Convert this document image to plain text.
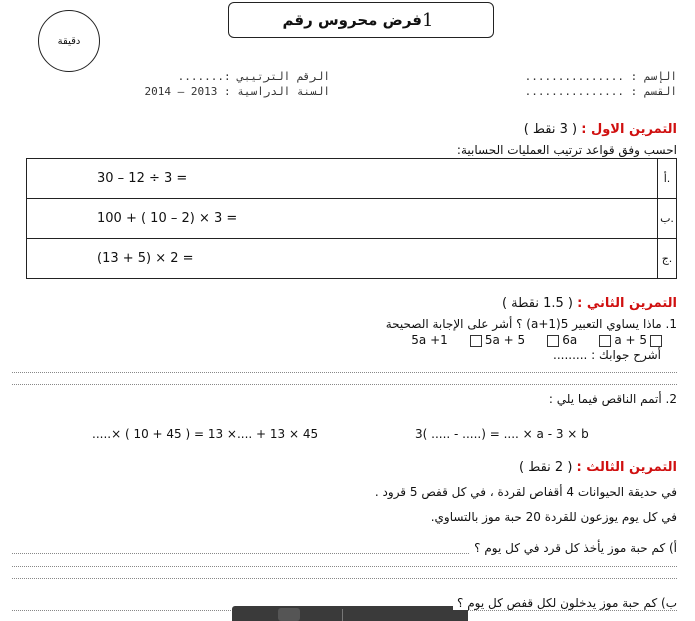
فرض محروس رقم 1
دقيقة
الإسم : ...............
القسم : ...............
الرقم الترتيبي :.......
السنة الدراسية : 2013 – 2014
التمرين الاول : ( 3 نقط )
احسب وفق قواعد ترتيب العمليات الحسابية:
30 – 12 ÷ 3 =	أ.
100 + ( 10 – 2) × 3 =	ب.
(13 + 5) × 2 =	ج.
التمرين الثاني : ( 1.5 نقطة )
1. ماذا يساوي التعبير 5(a+1) ؟ أشر على الإجابة الصحيحة
5a +1	5a + 5	6a	a + 5
أشرح جوابك : .........
2. أتمم الناقص فيما يلي :
.....× ( 10 + 45 ) = 13 ×.... + 13 × 45	3( ..... - .....) = .... × a - 3 × b
التمرين الثالث : ( 2 نقط )
في حديقة الحيوانات 4 أقفاص لقردة ، في كل قفص 5 قرود .
في كل يوم يوزعون للقردة 20 حبة موز بالتساوي.
أ) كم حبة موز يأخذ كل قرد في كل يوم ؟
ب) كم حبة موز يدخلون لكل قفص كل يوم ؟
